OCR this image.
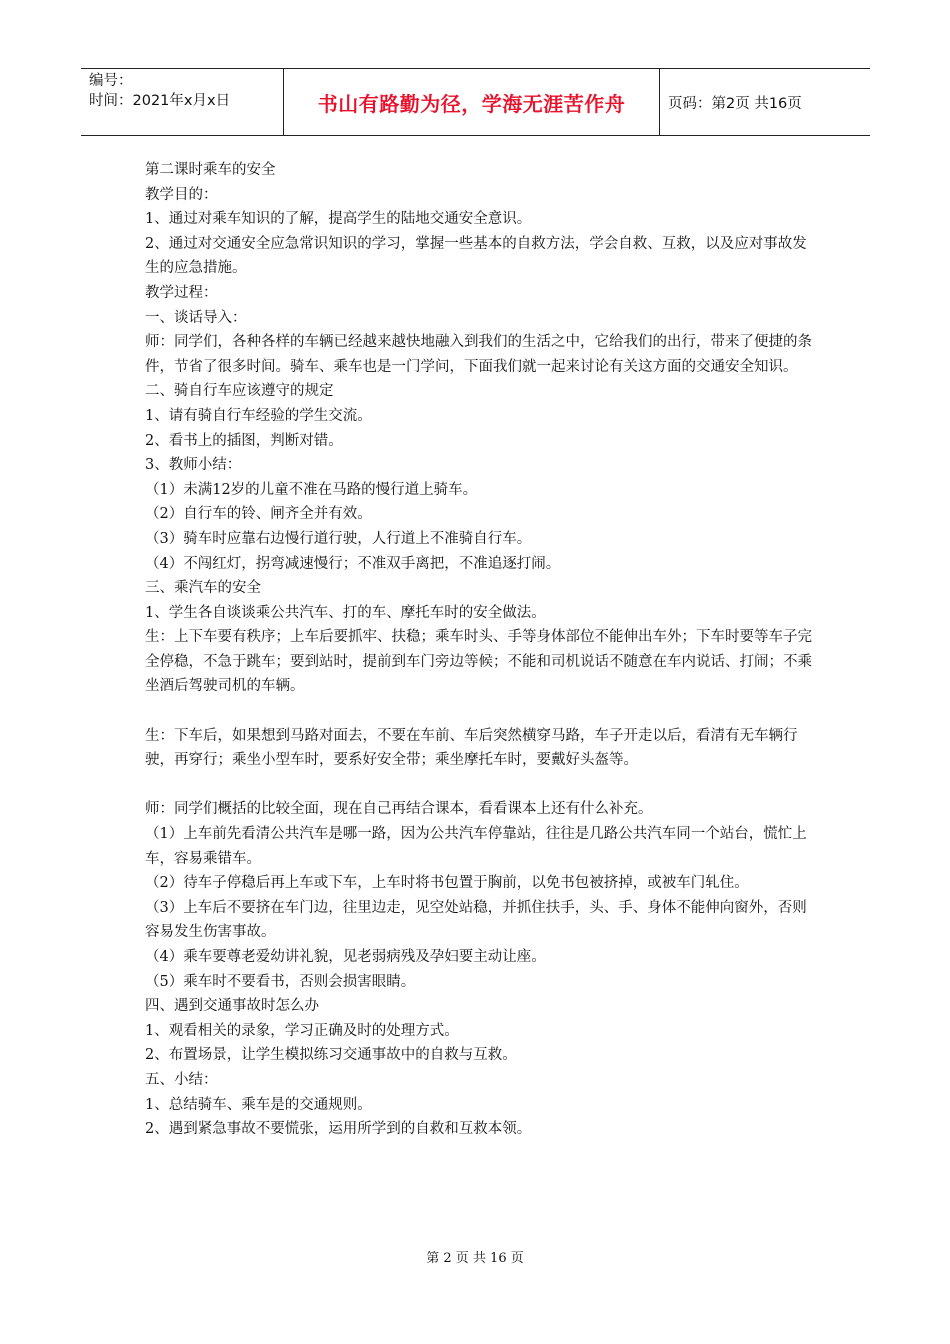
编号：
时间：2021年x月x日	书山有路勤为径，学海无涯苦作舟	页码：第2页 共16页

第二课时乘车的安全

教学目的：

1、通过对乘车知识的了解，提高学生的陆地交通安全意识。

2、通过对交通安全应急常识知识的学习，掌握一些基本的自救方法，学会自救、互救，以及应对事故发生的应急措施。

教学过程：

一、谈话导入：

师：同学们，各种各样的车辆已经越来越快地融入到我们的生活之中，它给我们的出行，带来了便捷的条件，节省了很多时间。骑车、乘车也是一门学问，下面我们就一起来讨论有关这方面的交通安全知识。

二、骑自行车应该遵守的规定

1、请有骑自行车经验的学生交流。

2、看书上的插图，判断对错。

3、教师小结：

（1）未满12岁的儿童不准在马路的慢行道上骑车。

（2）自行车的铃、闸齐全并有效。

（3）骑车时应靠右边慢行道行驶，人行道上不准骑自行车。

（4）不闯红灯，拐弯减速慢行；不准双手离把，不准追逐打闹。

三、乘汽车的安全

1、学生各自谈谈乘公共汽车、打的车、摩托车时的安全做法。

生：上下车要有秩序；上车后要抓牢、扶稳；乘车时头、手等身体部位不能伸出车外；下车时要等车子完全停稳，不急于跳车；要到站时，提前到车门旁边等候；不能和司机说话不随意在车内说话、打闹；不乘坐酒后驾驶司机的车辆。

生：下车后，如果想到马路对面去，不要在车前、车后突然横穿马路，车子开走以后，看清有无车辆行驶，再穿行；乘坐小型车时，要系好安全带；乘坐摩托车时，要戴好头盔等。

师：同学们概括的比较全面，现在自己再结合课本，看看课本上还有什么补充。

（1）上车前先看清公共汽车是哪一路，因为公共汽车停靠站，往往是几路公共汽车同一个站台，慌忙上车，容易乘错车。

（2）待车子停稳后再上车或下车，上车时将书包置于胸前，以免书包被挤掉，或被车门轧住。

（3）上车后不要挤在车门边，往里边走，见空处站稳，并抓住扶手，头、手、身体不能伸向窗外，否则容易发生伤害事故。

（4）乘车要尊老爱幼讲礼貌，见老弱病残及孕妇要主动让座。

（5）乘车时不要看书，否则会损害眼睛。

四、遇到交通事故时怎么办

1、观看相关的录象，学习正确及时的处理方式。

2、布置场景，让学生模拟练习交通事故中的自救与互救。

五、小结：

1、总结骑车、乘车是的交通规则。

2、遇到紧急事故不要慌张，运用所学到的自救和互救本领。

第 2 页 共 16 页
